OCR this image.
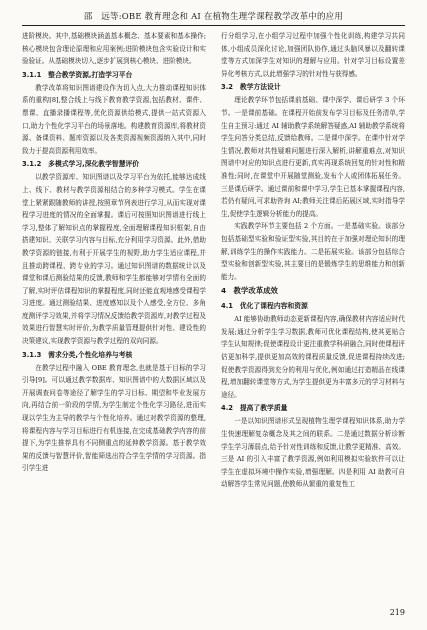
邵　远等:OBE 教育理念和 AI 在植物生理学课程教学改革中的应用
进阶模块。其中,基础模块涵盖基本概念、基本要素和基本操作;核心模块包含理论原理和应用案例;进阶模块包含实验设计和实验验证。从基础模块切入,逐步扩展到核心模块、进阶模块。
3.1.1　整合教学资源,打造学习平台
教学改革将知识图谱建设作为切入点,大力推动课程知识体系的重构[8],整合线上与线下教育教学资源,包括教材、课件、票课、直播录播课程等,优化资源供给模式,提供一站式资源入口,助力个性化学习平台的场景落地。构建教育资源库,将教材资源、备课资料、题库资源以及各类资源视频资源纳入其中,同时致力于提高资源利用效率。
3.1.2　多模式学习,深化教学智慧评价
以教学资源库、知识图谱以及学习平台为依托,能够达成线上、线下、教材与教学资源相结合的多种学习模式。学生在课堂上紧紧跟随教师的讲授,按照章节列表进行学习,从而实现对课程学习进度的情况的全面掌握。课后可按照知识图谱进行线上学习,整体了解知识点的掌握程度,全面理解课程知识框架,自由搭建知识、关联学习内容与目标,充分利用学习资源。此外,借助教学资源的链接,有利于开展学生的视野,助力学生适应课程,并且推动跨课程、跨专业的学习。通过知识图谱的数据统计以及课堂和课后测验结果的反馈,教师和学生都能够对学情有全面的了解,实时评估课程知识的掌握程度,同时还能直观地感受课程学习进度。通过测验结果、进度感知以及个人感受,全方位、多角度测评学习效果,并将学习情况反馈给教学资源库,对教学过程及效果进行智慧实时评价,为教学质量管理提供针对性、建设性的决策建议,实现教学资源与教学过程的双向同源。
3.1.3　需求分类,个性化培养与考核
在教学过程中融入 OBE 教育理念,也就是基于目标的学习引导[9]。可以通过教学数据库、知识图谱中的大数据区域以及开展调查问卷等途径了解学生的学习目标、期望和毕业发展方向,再结合前一阶段的学情,为学生制定个性化学习路径,进而实现以学生为主导的教学与个性化培养。通过对教学资源的整理,将课程内容与学习目标进行有机连接,在完成基础教学内容的前提下,为学生推荐具有不同侧重点的延伸教学资源。基于教学效果的反馈与智慧评价,智能筛选出符合学生学情的学习资源。指引学生进
行分组学习,在小组学习过程中加强个性化训练,构建学习共同体,小组成员深化讨论,加强团队协作,通过头脑风暴以及翻转课堂等方式加深学生对知识的理解与应用。针对学习目标设置差异化考核方式,以此增强学习的针对性与获得感。
3.2　教学方法设计
理论教学环节包括课前基础、课中深学、课后研学 3 个环节。一是课前基础。在课程开始前发布学习目标及任务清单,学生自主预习:通过 AI 辅助教学系统解答疑惑,AI 辅助教学系统将学生问答分类总结,反馈给教师。二是课中深学。在课中针对学生情况,教师对共性疑难问题进行深入解析,讲解重难点,对知识图谱中对应的知识点进行更新,真实再现系统回复的针对性和精准性;同时,在课堂中开展随堂测验,发布个人或团体拓展任务。三是课后研学。通过课前和课中学习,学生已基本掌握课程内容,若仍有疑问,可求助咨询 AI;教师关注课后拓展区域,实时指导学生,促使学生逻辑分析能力的提高。
实践教学环节主要包括 2 个方面。一是基础实验。该部分包括基础型实验和验证型实验,其目的在于加强对理论知识的理解,训练学生的操作实践能力。二是拓展实验。该部分包括综合型实验和创新型实验,其主要目的是锻炼学生的思维能力和创新能力。
4　教学改革成效
4.1　优化了课程内容和资源
AI 能够协助教师动态更新课程内容,确保教材内容适应时代发展;通过分析学生学习数据,教师可优化课程结构,使其更贴合学生认知规律;促使课程设计更注重教学科研融合,同时使课程评估更加科学,提供更加高效的课程质量反馈,促进课程持续改进;促使教学资源得到充分的利用与优化,例如通过打造精品在线课程,增加翻转课堂等方式,为学生提供更为丰富多元的学习材料与途径。
4.2　提高了教学质量
一是以知识图谱形式呈现植物生理学课程知识体系,助力学生快速理解复杂概念及其之间的联系。二是通过数据分析诊断学生学习薄弱点,给予针对性训练和反馈,让教学更精准、高效。三是 AI 的引入丰富了教学资源,例如利用模拟实验软件可以让学生在虚拟环境中操作实验,增强理解。四是利用 AI 助教可自动解答学生常见问题,使教师从繁重的重复性工
219
